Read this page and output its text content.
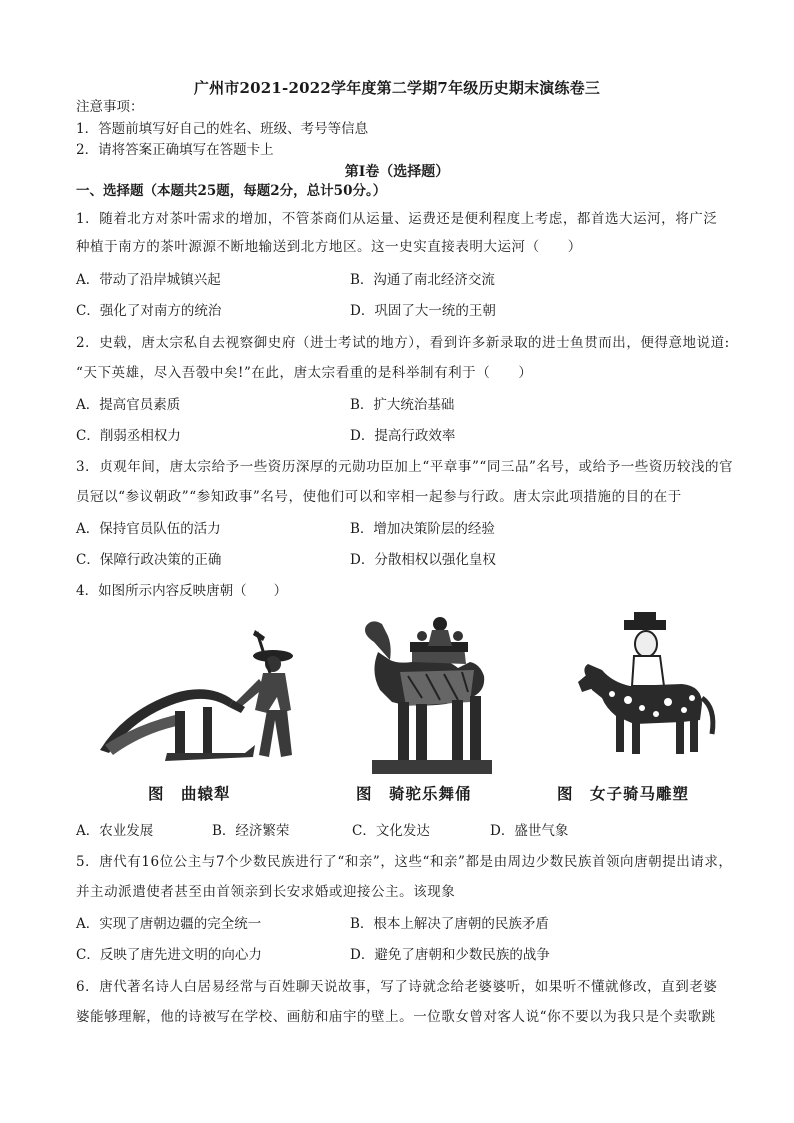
广州市2021-2022学年度第二学期7年级历史期末演练卷三
注意事项：
1．答题前填写好自己的姓名、班级、考号等信息
2．请将答案正确填写在答题卡上
第I卷（选择题）
一、选择题（本题共25题，每题2分，总计50分。）
1．随着北方对茶叶需求的增加，不管茶商们从运量、运费还是便利程度上考虑，都首选大运河，将广泛
种植于南方的茶叶源源不断地输送到北方地区。这一史实直接表明大运河（　　）
A．带动了沿岸城镇兴起	B．沟通了南北经济交流
C．强化了对南方的统治	D．巩固了大一统的王朝
2．史载，唐太宗私自去视察御史府（进士考试的地方），看到许多新录取的进士鱼贯而出，便得意地说道:
“天下英雄，尽入吾彀中矣!”在此，唐太宗看重的是科举制有利于（　　）
A．提高官员素质	B．扩大统治基础
C．削弱丞相权力	D．提高行政效率
3．贞观年间，唐太宗给予一些资历深厚的元勋功臣加上“平章事”“同三品”名号，或给予一些资历较浅的官
员冠以“参议朝政”“参知政事”名号，使他们可以和宰相一起参与行政。唐太宗此项措施的目的在于
A．保持官员队伍的活力	B．增加决策阶层的经验
C．保障行政决策的正确	D．分散相权以强化皇权
4．如图所示内容反映唐朝（　　）
图　曲辕犁	图　骑驼乐舞俑	图　女子骑马雕塑
A．农业发展	B．经济繁荣	C．文化发达	D．盛世气象
5．唐代有16位公主与7个少数民族进行了“和亲”，这些“和亲”都是由周边少数民族首领向唐朝提出请求，
并主动派遣使者甚至由首领亲到长安求婚或迎接公主。该现象
A．实现了唐朝边疆的完全统一	B．根本上解决了唐朝的民族矛盾
C．反映了唐先进文明的向心力	D．避免了唐朝和少数民族的战争
6．唐代著名诗人白居易经常与百姓聊天说故事，写了诗就念给老婆婆听，如果听不懂就修改，直到老婆
婆能够理解，他的诗被写在学校、画舫和庙宇的壁上。一位歌女曾对客人说“你不要以为我只是个卖歌跳
